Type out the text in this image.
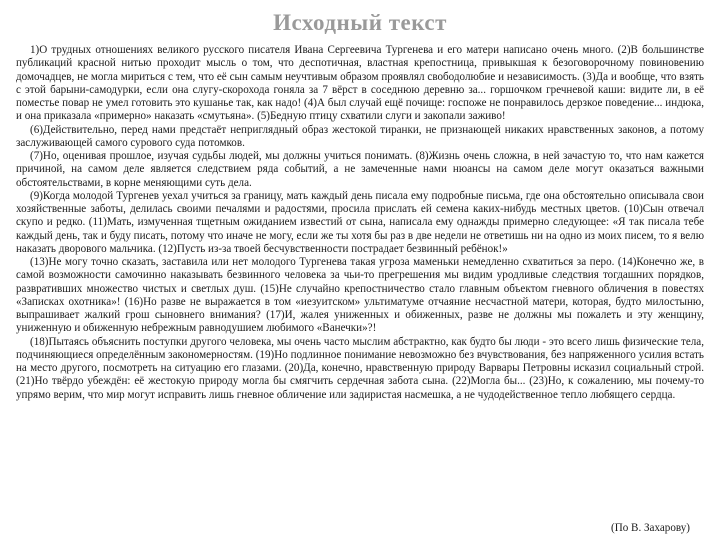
Исходный текст

1)О трудных отношениях великого русского писателя Ивана Сергеевича Тургенева и его матери написано очень много. (2)В большинстве публикаций красной нитью проходит мысль о том, что деспотичная, властная крепостница, привыкшая к безоговорочному повиновению домочадцев, не могла мириться с тем, что её сын самым неучтивым образом проявлял свободолюбие и независимость. (3)Да и вообще, что взять с этой барыни-самодурки, если она слугу-скорохода гоняла за 7 вёрст в соседнюю деревню за... горшочком гречневой каши: видите ли, в её поместье повар не умел готовить это кушанье так, как надо! (4)А был случай ещё почище: госпоже не понравилось дерзкое поведение... индюка, и она приказала «примерно» наказать «смутьяна». (5)Бедную птицу схватили слуги и закопали заживо!

(6)Действительно, перед нами предстаёт неприглядный образ жестокой тиранки, не признающей никаких нравственных законов, а потому заслуживающей самого сурового суда потомков.

(7)Но, оценивая прошлое, изучая судьбы людей, мы должны учиться понимать. (8)Жизнь очень сложна, в ней зачастую то, что нам кажется причиной, на самом деле является следствием ряда событий, а не замеченные нами нюансы на самом деле могут оказаться важными обстоятельствами, в корне меняющими суть дела.

(9)Когда молодой Тургенев уехал учиться за границу, мать каждый день писала ему подробные письма, где она обстоятельно описывала свои хозяйственные заботы, делилась своими печалями и радостями, просила прислать ей семена каких-нибудь местных цветов. (10)Сын отвечал скупо и редко. (11)Мать, измученная тщетным ожиданием известий от сына, написала ему однажды примерно следующее: «Я так писала тебе каждый день, так и буду писать, потому что иначе не могу, если же ты хотя бы раз в две недели не ответишь ни на одно из моих писем, то я велю наказать дворового мальчика. (12)Пусть из-за твоей бесчувственности пострадает безвинный ребёнок!»

(13)Не могу точно сказать, заставила или нет молодого Тургенева такая угроза маменьки немедленно схватиться за перо. (14)Конечно же, в самой возможности самочинно наказывать безвинного человека за чьи-то прегрешения мы видим уродливые следствия тогдашних порядков, развративших множество чистых и светлых душ. (15)Не случайно крепостничество стало главным объектом гневного обличения в повестях «Записках охотника»! (16)Но разве не выражается в том «иезуитском» ультиматуме отчаяние несчастной матери, которая, будто милостыню, выпрашивает жалкий грош сыновнего внимания? (17)И, жалея униженных и обиженных, разве не должны мы пожалеть и эту женщину, униженную и обиженную небрежным равнодушием любимого «Ванечки»?!

(18)Пытаясь объяснить поступки другого человека, мы очень часто мыслим абстрактно, как будто бы люди - это всего лишь физические тела, подчиняющиеся определённым закономерностям. (19)Но подлинное понимание невозможно без вчувствования, без напряженного усилия встать на место другого, посмотреть на ситуацию его глазами. (20)Да, конечно, нравственную природу Варвары Петровны исказил социальный строй. (21)Но твёрдо убеждён: её жестокую природу могла бы смягчить сердечная забота сына. (22)Могла бы... (23)Но, к сожалению, мы почему-то упрямо верим, что мир могут исправить лишь гневное обличение или задиристая насмешка, а не чудодейственное тепло любящего сердца.

(По В. Захарову)
